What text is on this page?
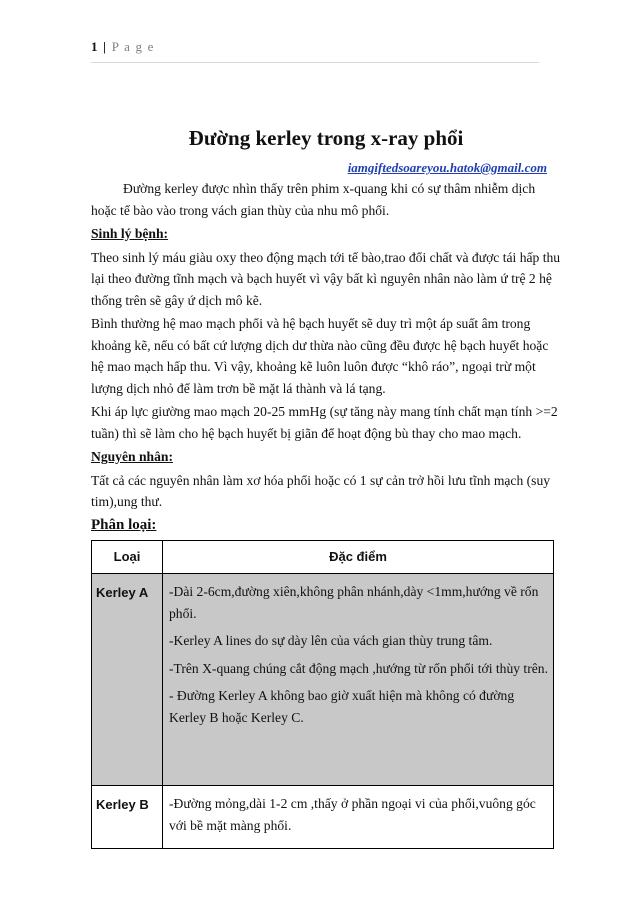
1 | P a g e
Đường kerley trong x-ray phổi
iamgiftedsoareyou.hatok@gmail.com

Đường kerley được nhìn thấy trên phim x-quang khi có sự thâm nhiễm dịch hoặc tế bào vào trong vách gian thùy của nhu mô phổi.

Sinh lý bệnh:

Theo sinh lý máu giàu oxy theo động mạch tới tế bào,trao đổi chất và được tái hấp thu lại theo đường tĩnh mạch và bạch huyết vì vậy bất kì nguyên nhân nào làm ứ trệ 2 hệ thống trên sẽ gây ứ dịch mô kẽ.

Bình thường hệ mao mạch phổi và hệ bạch huyết sẽ duy trì một áp suất âm trong khoảng kẽ, nếu có bất cứ lượng dịch dư thừa nào cũng đều được hệ bạch huyết hoặc hệ mao mạch hấp thu. Vì vậy, khoảng kẽ luôn luôn được “khô ráo”, ngoại trừ một lượng dịch nhỏ để làm trơn bề mặt lá thành và lá tạng.

Khi áp lực giường mao mạch 20-25 mmHg (sự tăng này mang tính chất mạn tính >=2 tuần) thì sẽ làm cho hệ bạch huyết bị giãn để hoạt động bù thay cho mao mạch.

Nguyên nhân:

Tất cả các nguyên nhân làm xơ hóa phổi hoặc có 1 sự cản trở hồi lưu tĩnh mạch (suy tim),ung thư.

Phân loại:

Loại	Đặc điểm
Kerley A	-Dài 2-6cm,đường xiên,không phân nhánh,dày <1mm,hướng về rốn phổi.
-Kerley A lines do sự dày lên của vách gian thùy trung tâm.
-Trên X-quang chúng cắt động mạch ,hướng từ rốn phổi tới thùy trên.
- Đường Kerley A không bao giờ xuất hiện mà không có đường Kerley B hoặc Kerley C.

Kerley B	-Đường mỏng,dài 1-2 cm ,thấy ở phần ngoại vi của phổi,vuông góc với bề mặt màng phổi.
